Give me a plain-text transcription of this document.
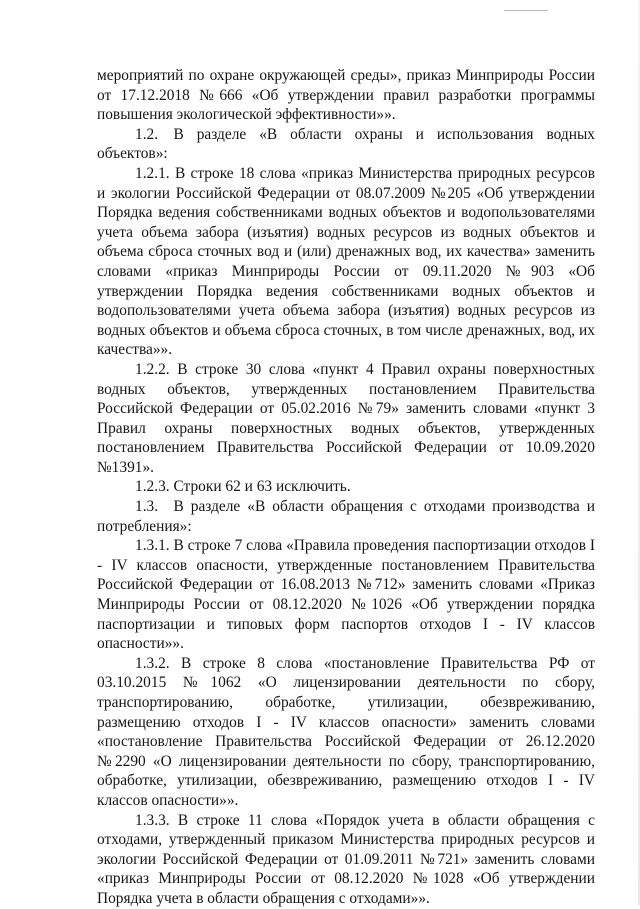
мероприятий по охране окружающей среды», приказ Минприроды России от 17.12.2018 №666 «Об утверждении правил разработки программы повышения экологической эффективности»».

1.2. В разделе «В области охраны и использования водных объектов»:

1.2.1. В строке 18 слова «приказ Министерства природных ресурсов и экологии Российской Федерации от 08.07.2009 №205 «Об утверждении Порядка ведения собственниками водных объектов и водопользователями учета объема забора (изъятия) водных ресурсов из водных объектов и объема сброса сточных вод и (или) дренажных вод, их качества» заменить словами «приказ Минприроды России от 09.11.2020 №903 «Об утверждении Порядка ведения собственниками водных объектов и водопользователями учета объема забора (изъятия) водных ресурсов из водных объектов и объема сброса сточных, в том числе дренажных, вод, их качества»».

1.2.2. В строке 30 слова «пункт 4 Правил охраны поверхностных водных объектов, утвержденных постановлением Правительства Российской Федерации от 05.02.2016 №79» заменить словами «пункт 3 Правил охраны поверхностных водных объектов, утвержденных постановлением Правительства Российской Федерации от 10.09.2020 №1391».

1.2.3. Строки 62 и 63 исключить.

1.3. В разделе «В области обращения с отходами производства и потребления»:

1.3.1. В строке 7 слова «Правила проведения паспортизации отходов I - IV классов опасности, утвержденные постановлением Правительства Российской Федерации от 16.08.2013 №712» заменить словами «Приказ Минприроды России от 08.12.2020 №1026 «Об утверждении порядка паспортизации и типовых форм паспортов отходов I - IV классов опасности»».

1.3.2. В строке 8 слова «постановление Правительства РФ от 03.10.2015 №1062 «О лицензировании деятельности по сбору, транспортированию, обработке, утилизации, обезвреживанию, размещению отходов I - IV классов опасности» заменить словами «постановление Правительства Российской Федерации от 26.12.2020 №2290 «О лицензировании деятельности по сбору, транспортированию, обработке, утилизации, обезвреживанию, размещению отходов I - IV классов опасности»».

1.3.3. В строке 11 слова «Порядок учета в области обращения с отходами, утвержденный приказом Министерства природных ресурсов и экологии Российской Федерации от 01.09.2011 №721» заменить словами «приказ Минприроды России от 08.12.2020 №1028 «Об утверждении Порядка учета в области обращения с отходами»».
